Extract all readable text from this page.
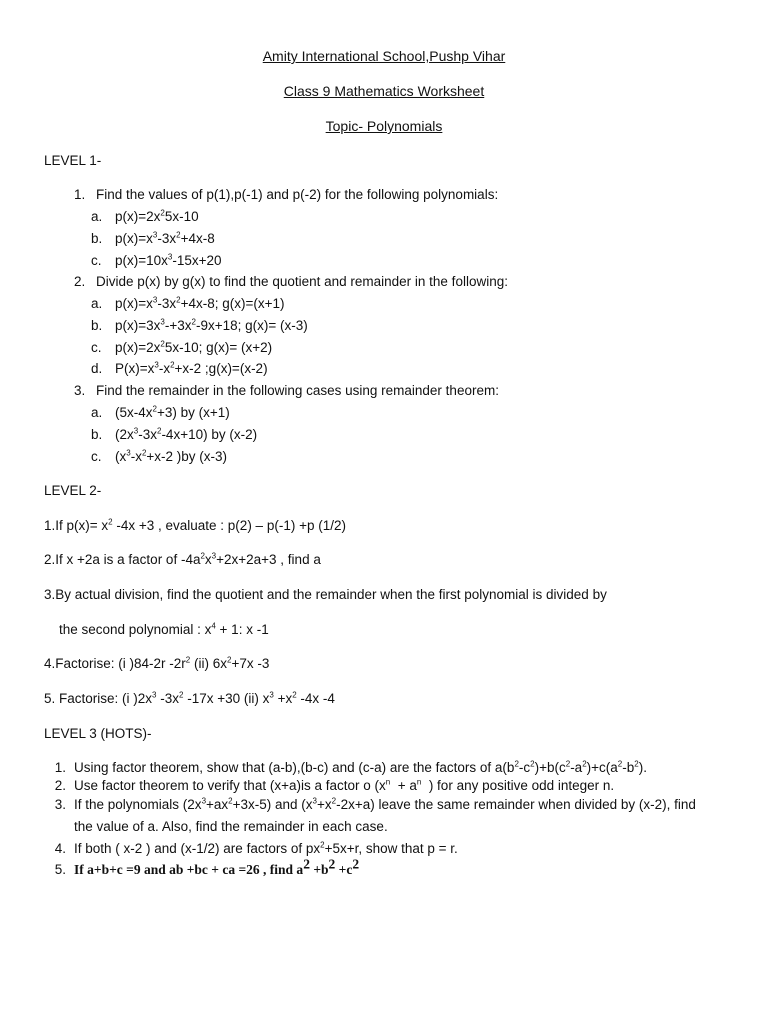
Amity International School,Pushp Vihar
Class 9 Mathematics Worksheet
Topic- Polynomials
LEVEL 1-
1. Find the values of p(1),p(-1) and p(-2) for the following polynomials:
a. $p(x)=2x^25x-10$
b. $p(x)=x^3-3x^2+4x-8$
c. $p(x)=10x^3-15x+20$
2. Divide p(x) by g(x) to find the quotient and remainder in the following:
a. $p(x)=x^3-3x^2+4x-8$; g(x)=(x+1)
b. $p(x)=3x^3-+3x^2-9x+18$; g(x)= (x-3)
c. $p(x)=2x^25x-10$; g(x)= (x+2)
d. $P(x)=x^3-x^2+x-2$ ;g(x)=(x-2)
3. Find the remainder in the following cases using remainder theorem:
a. $(5x-4x^2+3)$ by (x+1)
b. $(2x^3-3x^2-4x+10)$ by (x-2)
c. ($x^3-x^2+x-2$ )by (x-3)
LEVEL 2-
1.If $p(x)= x^2$ -4x +3 , evaluate : p(2) – p(-1) +p (1/2)
2.If x +2a is a factor of $-4a^2x^3+2x+2a+3$ , find a
3.By actual division, find the quotient and the remainder when the first polynomial is divided by
the second polynomial : $x^4 + 1$: x -1
4.Factorise: (i )84-2r $-2r^2$ (ii) $6x^2+7x$ -3
5. Factorise: (i )$2x^3$ $-3x^2$ -17x +30 (ii) $x^3 +x^2$ -4x -4
LEVEL 3 (HOTS)-
1. Using factor theorem, show that (a-b),(b-c) and (c-a) are the factors of $a(b^2-c^2)+b(c^2-a^2)+c(a^2-b^2)$.
2. Use factor theorem to verify that (x+a)is a factor o ($x^n + a^n$  ) for any positive odd integer n.
3. If the polynomials $(2x^3+ax^2+3x-5)$ and $(x^3+x^2-2x+a)$ leave the same remainder when divided by (x-2), find
the value of a. Also, find the remainder in each case.
4. If both ( x-2 ) and (x-1/2) are factors of $px^2+5x+r$, show that p = r.
5. If a+b+c =9 and ab +bc + ca =26 , find $a^2 +b^2 +c^2$
